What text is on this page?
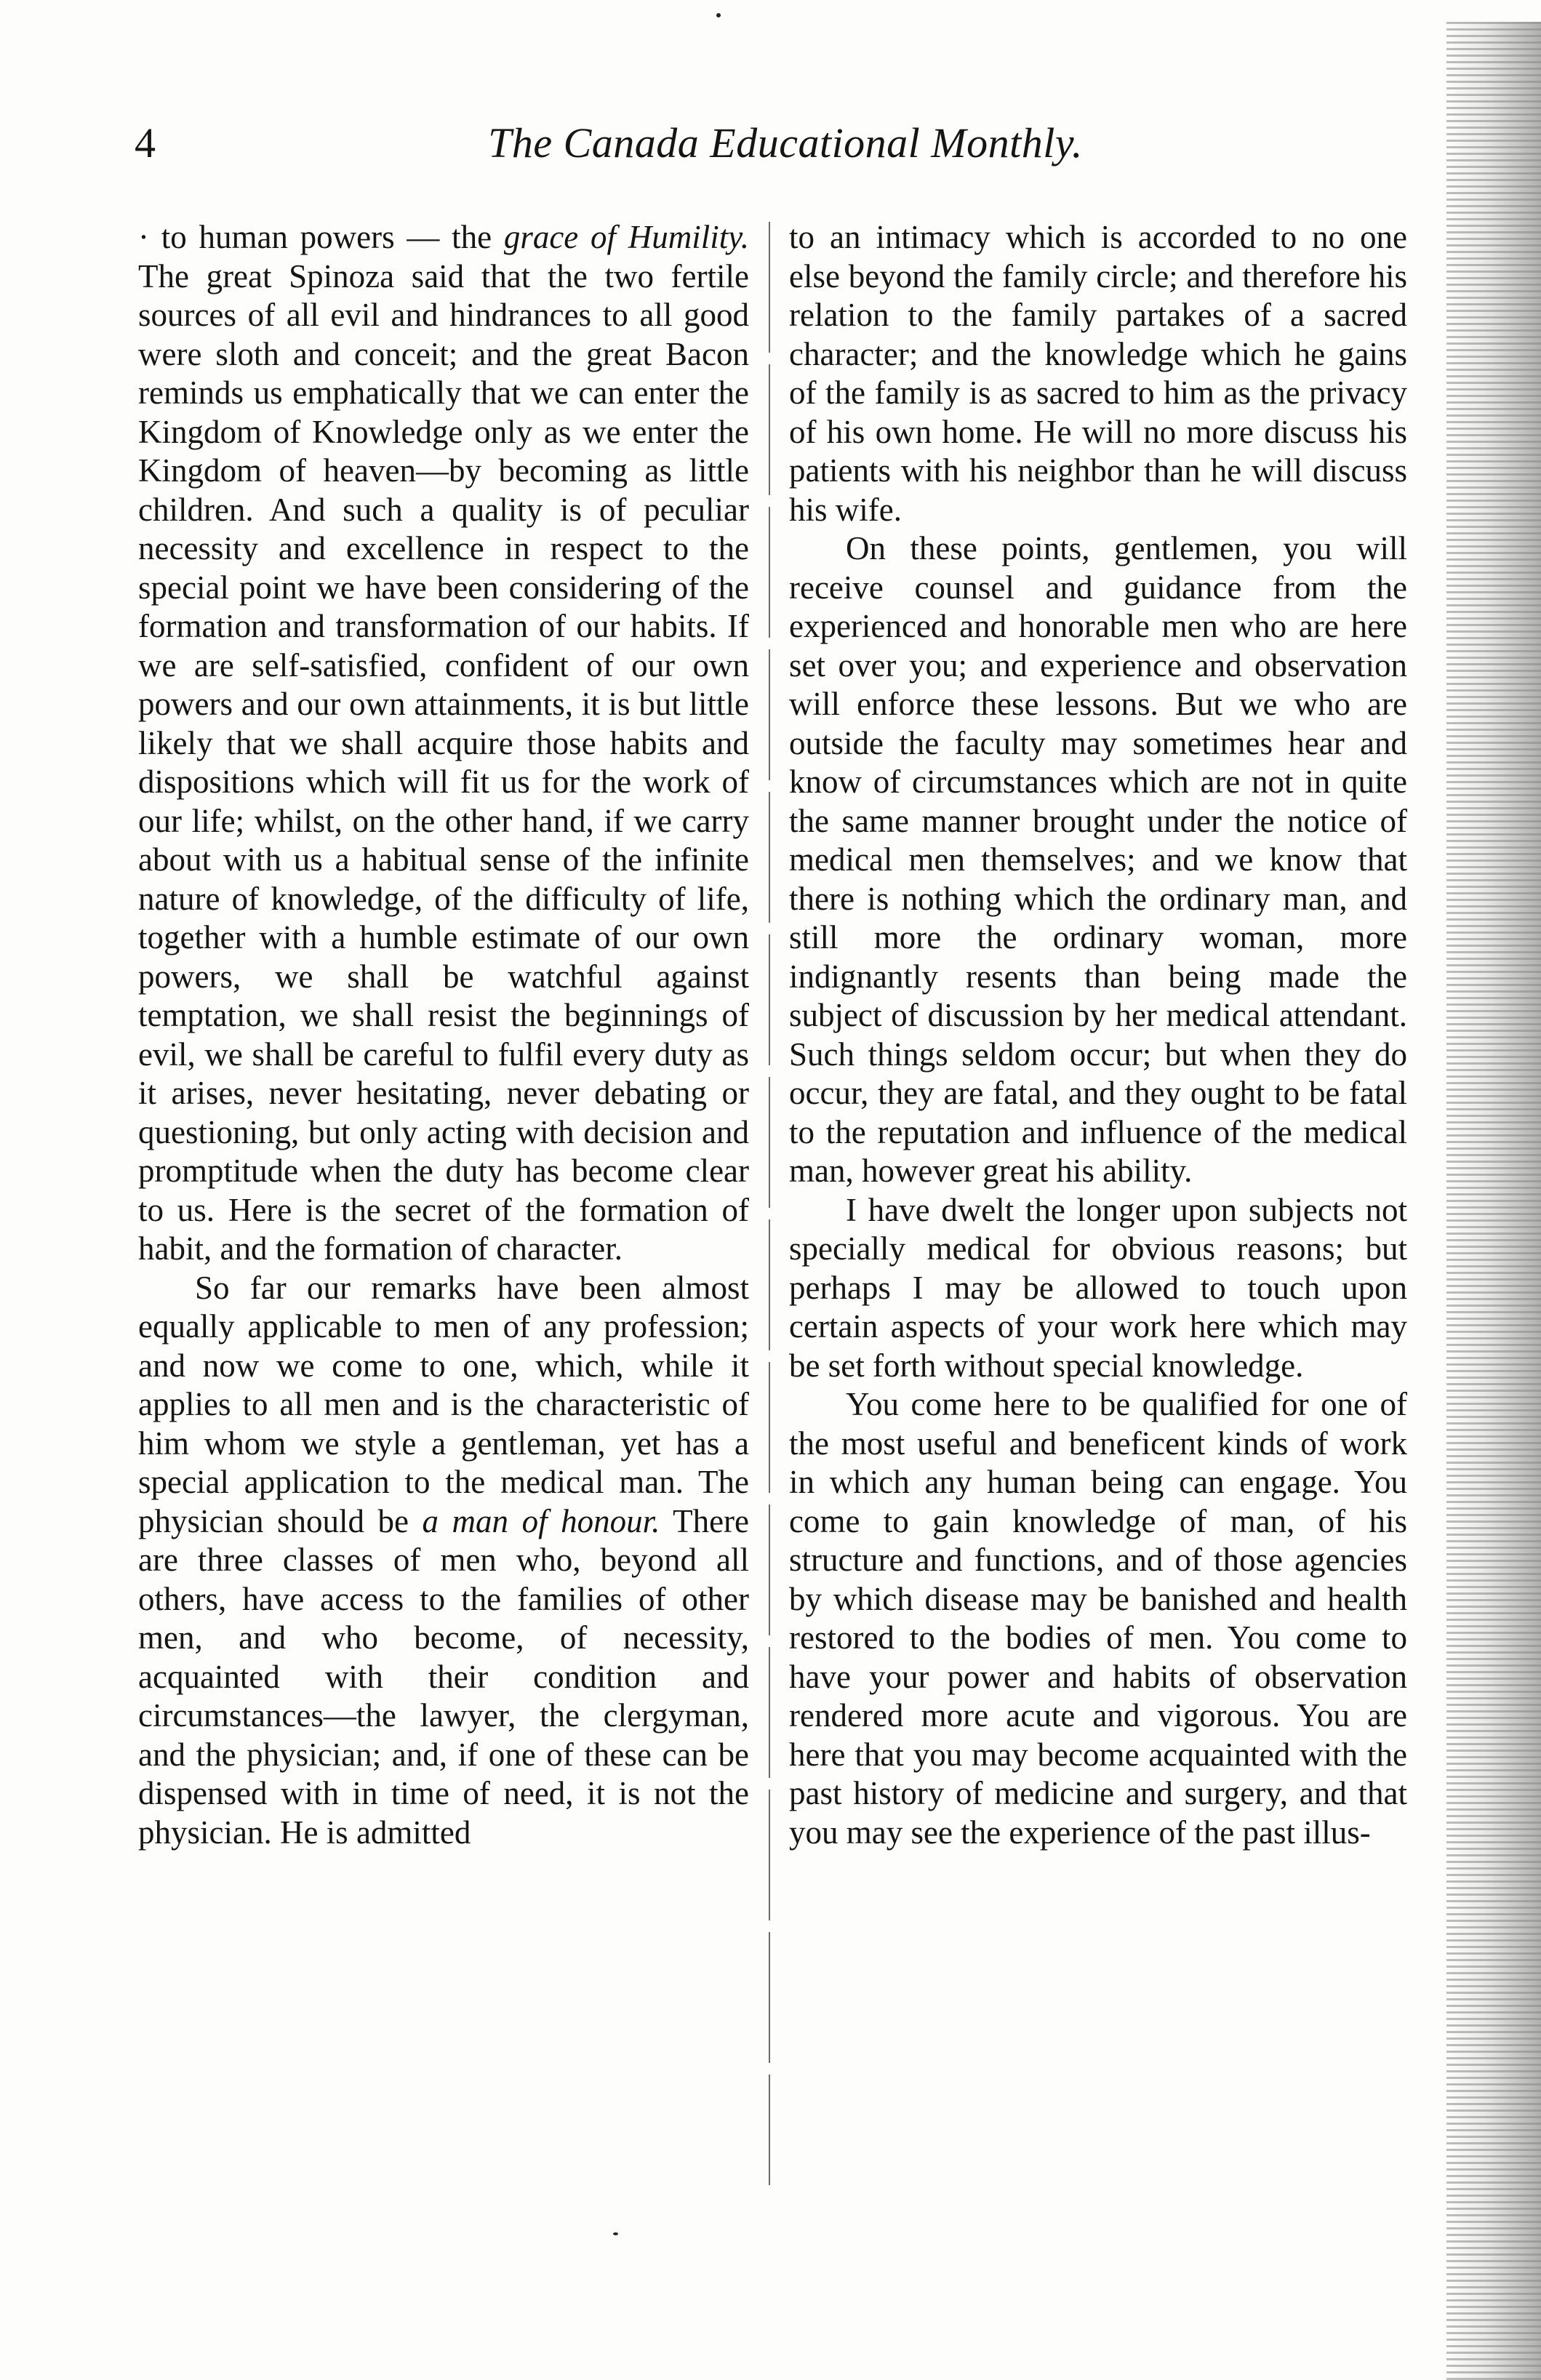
4	The Canada Educational Monthly.

· to human powers — the grace of Humility. The great Spinoza said that the two fertile sources of all evil and hindrances to all good were sloth and conceit; and the great Bacon reminds us emphatically that we can enter the Kingdom of Knowledge only as we enter the Kingdom of heaven—by becoming as little children. And such a quality is of peculiar necessity and excellence in respect to the special point we have been considering of the formation and transformation of our habits. If we are self-satisfied, confident of our own powers and our own attainments, it is but little likely that we shall acquire those habits and dispositions which will fit us for the work of our life; whilst, on the other hand, if we carry about with us a habitual sense of the infinite nature of knowledge, of the difficulty of life, together with a humble estimate of our own powers, we shall be watchful against temptation, we shall resist the beginnings of evil, we shall be careful to fulfil every duty as it arises, never hesitating, never debating or questioning, but only acting with decision and promptitude when the duty has become clear to us. Here is the secret of the formation of habit, and the formation of character.

So far our remarks have been almost equally applicable to men of any profession; and now we come to one, which, while it applies to all men and is the characteristic of him whom we style a gentleman, yet has a special application to the medical man. The physician should be a man of honour. There are three classes of men who, beyond all others, have access to the families of other men, and who become, of necessity, acquainted with their condition and circumstances—the lawyer, the clergyman, and the physician; and, if one of these can be dispensed with in time of need, it is not the physician. He is admitted

to an intimacy which is accorded to no one else beyond the family circle; and therefore his relation to the family partakes of a sacred character; and the knowledge which he gains of the family is as sacred to him as the privacy of his own home. He will no more discuss his patients with his neighbor than he will discuss his wife.

On these points, gentlemen, you will receive counsel and guidance from the experienced and honorable men who are here set over you; and experience and observation will enforce these lessons. But we who are outside the faculty may sometimes hear and know of circumstances which are not in quite the same manner brought under the notice of medical men themselves; and we know that there is nothing which the ordinary man, and still more the ordinary woman, more indignantly resents than being made the subject of discussion by her medical attendant. Such things seldom occur; but when they do occur, they are fatal, and they ought to be fatal to the reputation and influence of the medical man, however great his ability.

I have dwelt the longer upon subjects not specially medical for obvious reasons; but perhaps I may be allowed to touch upon certain aspects of your work here which may be set forth without special knowledge.

You come here to be qualified for one of the most useful and beneficent kinds of work in which any human being can engage. You come to gain knowledge of man, of his structure and functions, and of those agencies by which disease may be banished and health restored to the bodies of men. You come to have your power and habits of observation rendered more acute and vigorous. You are here that you may become acquainted with the past history of medicine and surgery, and that you may see the experience of the past illus-
